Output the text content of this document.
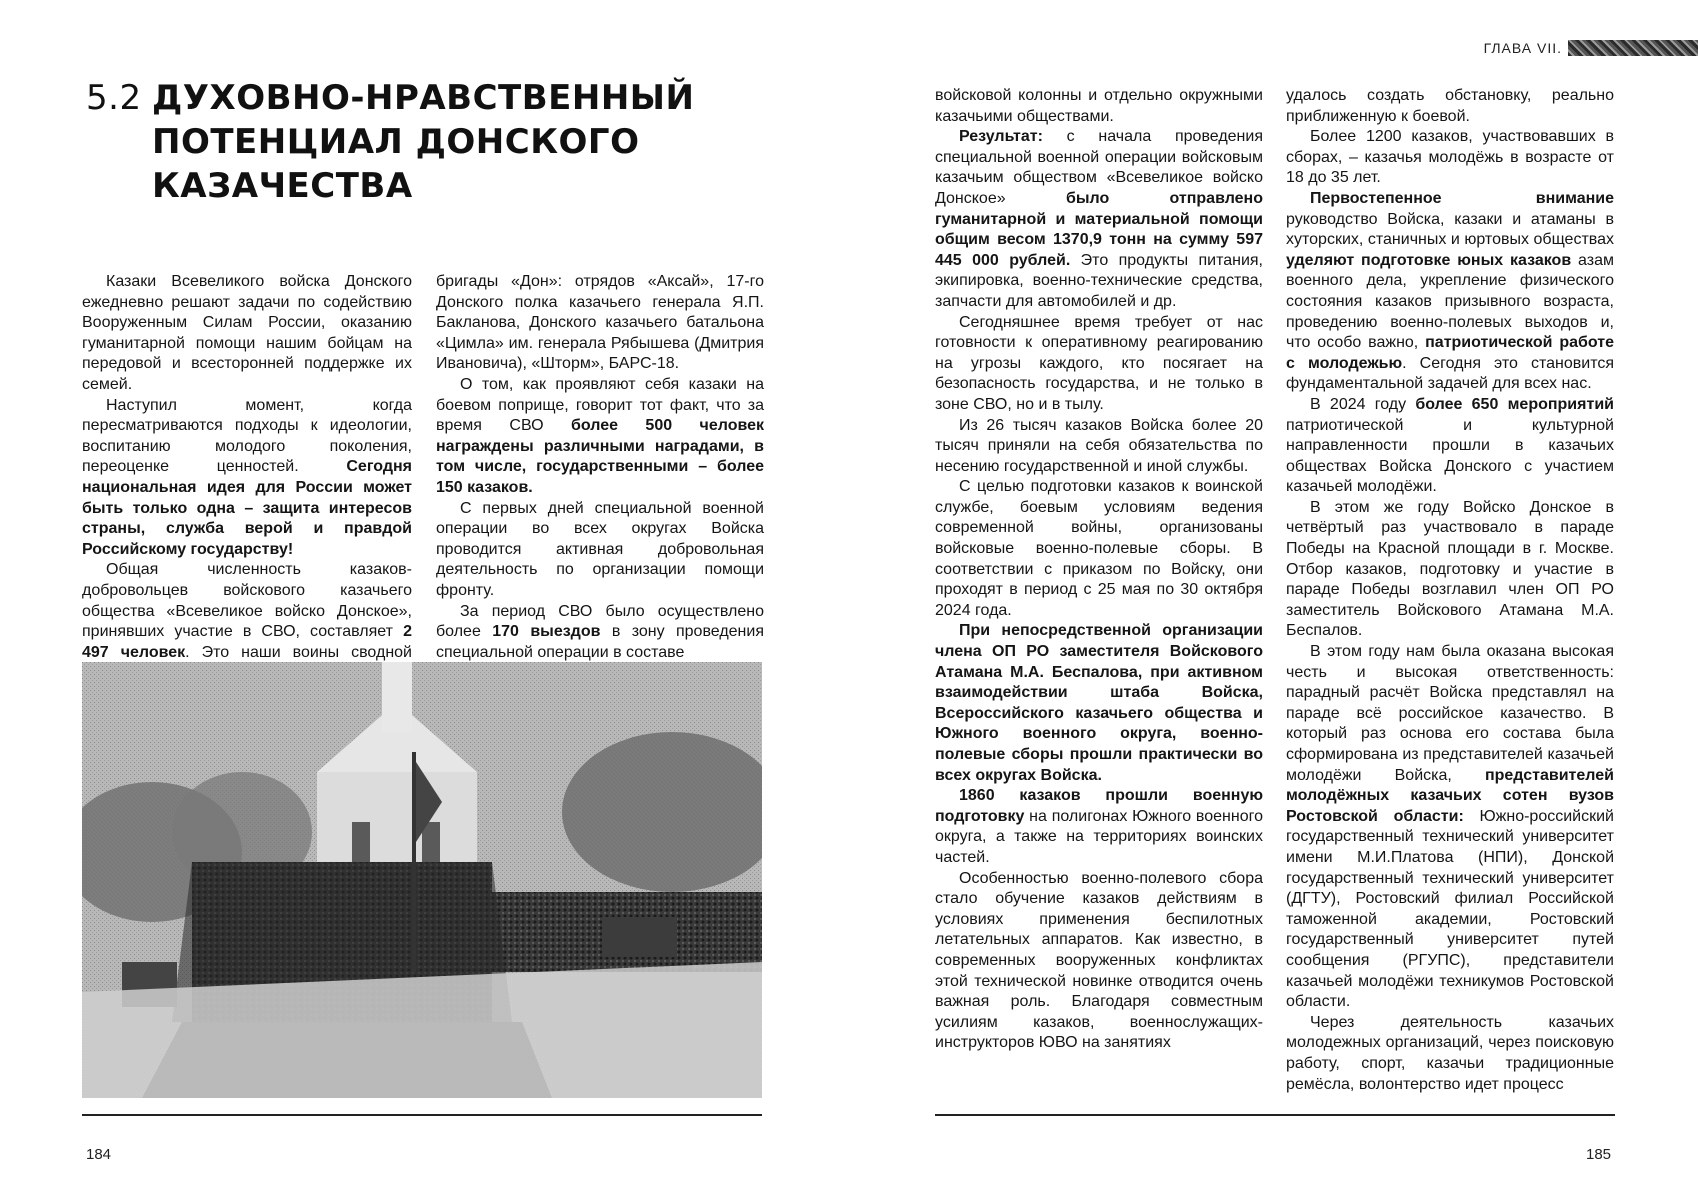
5.2 ДУХОВНО-НРАВСТВЕННЫЙ
ПОТЕНЦИАЛ ДОНСКОГО КАЗАЧЕСТВА

Казаки Всевеликого войска Донского ежедневно решают задачи по содействию Вооруженным Силам России, оказанию гуманитарной помощи нашим бойцам на передовой и всесторонней поддержке их семей.

Наступил момент, когда пересматриваются подходы к идеологии, воспитанию молодого поколения, переоценке ценностей.	Сегодня национальная идея для России может быть только одна – защита интересов страны, служба верой и правдой Российскому государству!

Общая численность казаков-добровольцев войскового казачьего общества «Всевеликое войско Донское», принявших участие в СВО, составляет 2 497 человек. Это наши воины сводной

бригады «Дон»: отрядов «Аксай», 17-го Донского полка казачьего генерала Я.П. Бакланова, Донского казачьего батальона «Цимла» им. генерала Рябышева (Дмитрия Ивановича), «Шторм», БАРС-18.

О том, как проявляют себя казаки на боевом поприще, говорит тот факт, что за время СВО более 500 человек награждены различными наградами, в том числе, государственными – более 150 казаков.

С первых дней специальной военной операции во всех округах Войска проводится активная добровольная деятельность по организации помощи фронту.

За период СВО было осуществлено более 170 выездов в зону проведения специальной операции в составе

184
ГЛАВА VII.

войсковой колонны и отдельно окружными казачьими обществами.

Результат: с начала проведения специальной военной операции войсковым казачьим обществом «Всевеликое войско Донское»	было отправлено гуманитарной и материальной помощи общим весом 1370,9 тонн на сумму 597 445 000 рублей. Это продукты питания, экипировка, военно-технические средства, запчасти для автомобилей и др.

Сегодняшнее время требует от нас готовности к оперативному реагированию на угрозы каждого, кто посягает на безопасность государства, и не только в зоне СВО, но и в тылу.

Из 26 тысяч казаков Войска более 20 тысяч приняли на себя обязательства по несению государственной и иной службы.

С целью подготовки казаков к воинской службе, боевым условиям ведения современной войны, организованы войсковые военно-полевые сборы. В соответствии с приказом по Войску, они проходят в период с 25 мая по 30 октября 2024 года.

При непосредственной организации члена ОП РО заместителя Войскового Атамана М.А. Беспалова, при активном взаимодействии штаба Войска, Всероссийского казачьего общества и Южного военного округа, военно-полевые сборы прошли практически во всех округах Войска.

1860 казаков прошли военную подготовку на полигонах Южного военного округа, а также на территориях воинских частей.

Особенностью военно-полевого сбора стало обучение казаков действиям в условиях применения беспилотных летательных аппаратов. Как известно, в современных вооруженных конфликтах этой технической новинке отводится очень важная роль. Благодаря совместным усилиям казаков, военнослужащих-инструкторов ЮВО на занятиях

удалось создать обстановку, реально приближенную к боевой.

Более 1200 казаков, участвовавших в сборах, – казачья молодёжь в возрасте от 18 до 35 лет.

Первостепенное внимание руководство Войска, казаки и атаманы в хуторских, станичных и юртовых обществах уделяют подготовке юных казаков азам военного дела, укрепление физического состояния казаков призывного возраста, проведению военно-полевых выходов и, что особо важно, патриотической работе с молодежью. Сегодня это становится фундаментальной задачей для всех нас.

В 2024 году более 650 мероприятий патриотической и культурной направленности прошли в казачьих обществах Войска Донского с участием казачьей молодёжи.

В этом же году Войско Донское в четвёртый раз участвовало в параде Победы на Красной площади в г. Москве. Отбор казаков, подготовку и участие в параде Победы возглавил член ОП РО заместитель Войскового Атамана М.А. Беспалов.

В этом году нам была оказана высокая честь и высокая ответственность: парадный расчёт Войска представлял на параде всё российское казачество. В который раз основа его состава была сформирована из представителей казачьей молодёжи Войска, представителей молодёжных казачьих сотен вузов Ростовской области: Южно-российский государственный технический университет имени М.И.Платова (НПИ), Донской государственный технический университет (ДГТУ), Ростовский филиал Российской таможенной академии, Ростовский государственный университет путей сообщения (РГУПС), представители казачьей молодёжи техникумов Ростовской области.

Через деятельность казачьих молодежных организаций, через поисковую работу, спорт, казачьи традиционные ремёсла, волонтерство идет процесс

185
